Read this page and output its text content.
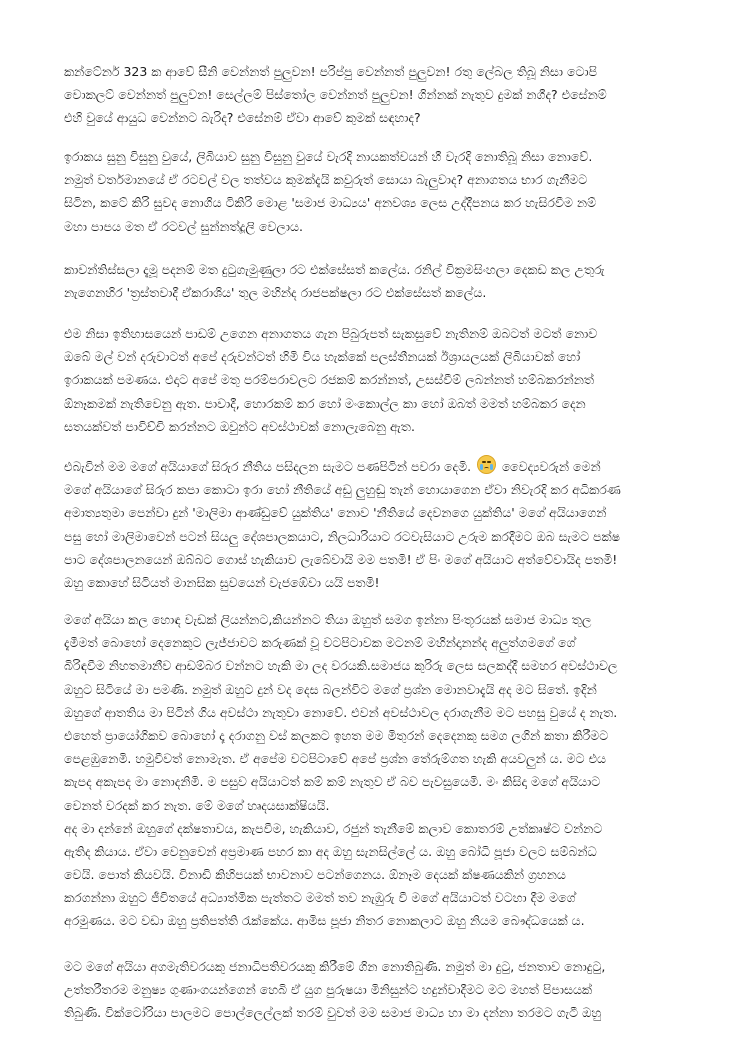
කන්ටේනර් 323 ක ආවේ සීනි වෙන්නත් පුලුවන! පරිප්පු වෙන්නත් පුලුවන! රතු ලේබල තිබූ නිසා ටොපි
වොකලට් වෙන්නත් පුලුවන! සෙල්ලම් පිස්තෝල වෙන්නත් පුලුවන! ගින්නක් නැතුව දුමක් නගීද? එසේනම්
එහි වුයේ ආයුධ වෙන්නට බැරිද? එසේනම් ඒවා ආවේ කුමක් සඳහාද?
ඉරාකය සුනු විසුනු වුයේ, ලිබියාව සුනු විසුනු වුයේ වැරදි නායකත්වයන් හී වැරදි නොතිබූ නිසා නොවේ.
නමුත් වර්තමානයේ ඒ රටවල් වල තත්වය කුමක්දැයි කවුරුත් සොයා බැලුවාද? අනාගතය භාර ගැනීමට
සිටින, කටේ කිරි සුවද නොගිය ටිකිරි මොළ 'සමාජ මාධ්‍යය' අනවශ්‍ය ලෙස උද්දීපනය කර හැසිරවීම නම්
මහා පාපය මත ඒ රටවල් සුන්නත්දූලි වෙලාය.
කාවන්තිස්සලා දැමූ පදනම් මත දුටුගැමුණුලා රට එක්සේසත් කලේය. රනිල් වික්‍රමසිංහලා දෙකඩ කල උතුරු
නැගෙනහිර 'ත්‍රස්තවාදී ඒකරාශිය' තුල මහින්ද රාජපක්ෂලා රට එක්සේසත් කලේය.
එම නිසා ඉතිහාසයෙන් පාඩම් උගෙන අනාගතය ගැන පිබුරුපත් සැකසුවේ නැතිනම් ඔබටත් මටත් නොව
ඔබේ මල් වන් දරුවාටත් අපේ දරුවන්ටත් හිමි විය හැක්කේ පලස්තීනයක් ඊශ්‍රායලයක් ලිබියාවක් හෝ
ඉරාකයක් පමණය. එදාට අපේ මතු පරම්පරාවලට රජකම් කරන්නත්, උසස්වීම් ලබන්නත් හම්බකරන්නත්
ඕනෑකමක් නැතිවෙනු ඇත. පාවාදී, හොරකම් කර හෝ මංකොල්ල කා හෝ ඔබත් මමත් හම්බකර දෙන
සතයක්වත් පාවිච්චි කරන්නට ඔවුන්ට අවස්ථාවක් නොලැබෙනු ඇත.
එබැවින් මම මගේ අයියාගේ සිරුර නීතිය පසිදලන සැමට පණපිටින් පවරා දෙමි.
වෛද්‍යවරුන් මෙන්
මගේ අයියාගේ සිරුර කපා කොටා ඉරා හෝ නීතියේ අඩු ලුහුඬු තැන් හොයාගෙන ඒවා නිවැරදි කර අධිකරණ
අමාත්‍යතුමා පෙන්වා දුන් 'මාලිමා ආණ්ඩුවේ යුක්තිය' නොව 'නීතියේ දෙවනගෙ යුක්තිය' මගේ අයියාගෙන්
පසු හෝ මාලිමාවෙන් පටන් සියලු දේශපාලකයාට, නිලධාරියාට රටවැසියාට උරුම කරදීමට ඔබ සැමට පක්ෂ
පාට දේශපාලනයෙන් ඔබ්බට ගොස් හැකියාව ලැබේවායි මම පතමි! ඒ පිං මගේ අයියාට අත්වේවායිද පතමි!
ඔහු කොහේ සිටියත් මානසික සුවයෙන් වැජඹේවා යයි පතමි!
මගේ අයියා කල හොඳ වැඩක් ලියන්නට,කියන්නට තියා ඔහුත් සමග ඉන්නා පිංතූරයක් සමාජ මාධ්‍ය තුල
දැමීමත් බොහෝ දෙනෙකුට ලැජ්ජාවට කරුණක් වූ වටපිටාවක මටනම් මහින්දානන්ද අලුත්ගමගේ ගේ
බිරිඳවීම නිහතමානීව ආඩම්බර වන්නට හැකි මා ලද වරයකි.සමාජය කුරිරු ලෙස සලකද්දී සමහර අවස්ථාවල
ඔහුට සිටියේ මා පමණි. නමුත් ඔහුට දුන් වද දෙස බලන්විට මගේ ප්‍රශ්න මොනවාදැයි අද මට සිතේ. ඉදින්
ඔහුගේ ආතතිය මා පිටින් ගිය අවස්ථා නැතුවා නොවේ. එවන් අවස්ථාවල දරාගැනීම මට පහසු වුයේ ද නැත.
එහෙත් ප්‍රායෝගිකව බොහෝ දෑ දරාගනු වස් කලකට ඉහත මම මිතුරන් දෙදෙනකු සමග ලගින් කතා කිරීමට
පෙළඹුනෙමි. හමුවීවත් නොමැත. ඒ අපේම වටපිටාවේ අපේ ප්‍රශ්න තේරුම්ගත හැකි අයවලුන් ය. මට එය
කැපද අකැපද මා නොදනිමි. ම පසුව අයියාටත් කම් කම් නැතුව ඒ බව පැවසුයෙමි. මං කිසිදා මගේ අයියාට
වෙනත් වරදක් කර නැත. මේ මගේ හෘදයසාක්ෂියයි.
අද මා දන්නේ ඔහුගේ දක්ෂතාවය, කැපවීම, හැකියාව, රජුන් තැනීමේ කලාව කොතරම් උත්කෘෂ්ට වන්නට
ඇතිද කියාය. ඒවා වෙනුවෙන් අප්‍රමාණ පහර කා අද ඔහු සැනසිල්ලේ ය. ඔහු බෝධි පූජා වලට සම්බන්ධ
වෙයි. පොත් කියවයි. විනාඩි කිහිපයක් භාවනාව පටන්ගෙනය. ඕනෑම දෙයක් ක්ෂණයකින් ග්‍රහනය
කරගන්නා ඔහුට ජීවිතයේ අධ්‍යාත්මික පැත්තට මමත් තව නැඹුරු වී මගේ අයියාටත් වටහා දීම මගේ
අරමුණය. මට වඩා ඔහු ප්‍රතිපත්ති රැක්කේය. ආමිස පූජා නිතර නොකලාට ඔහු නියම බෞද්ධයෙක් ය.
මට මගේ අයියා අගමැතිවරයකු ජනාධිපතිවරයකු කිරීමේ ගින නොතිබුණි. නමුත් මා දුටු, ජනතාව නොදුටු,
උත්තරීතරම මනුෂ්‍ය ගුණාංගයන්ගෙන් හෙබි ඒ යුග පුරුෂයා මිනිසුන්ට හදුන්වාදීමට මට මහත් පිපාසයක්
තිබුණි. වික්ටෝරියා පාලමට පොල්ලෙල්ලක් තරම් වුවත් මම සමාජ මාධ්‍ය හා මා දන්නා තරමට ගැටී ඔහු
